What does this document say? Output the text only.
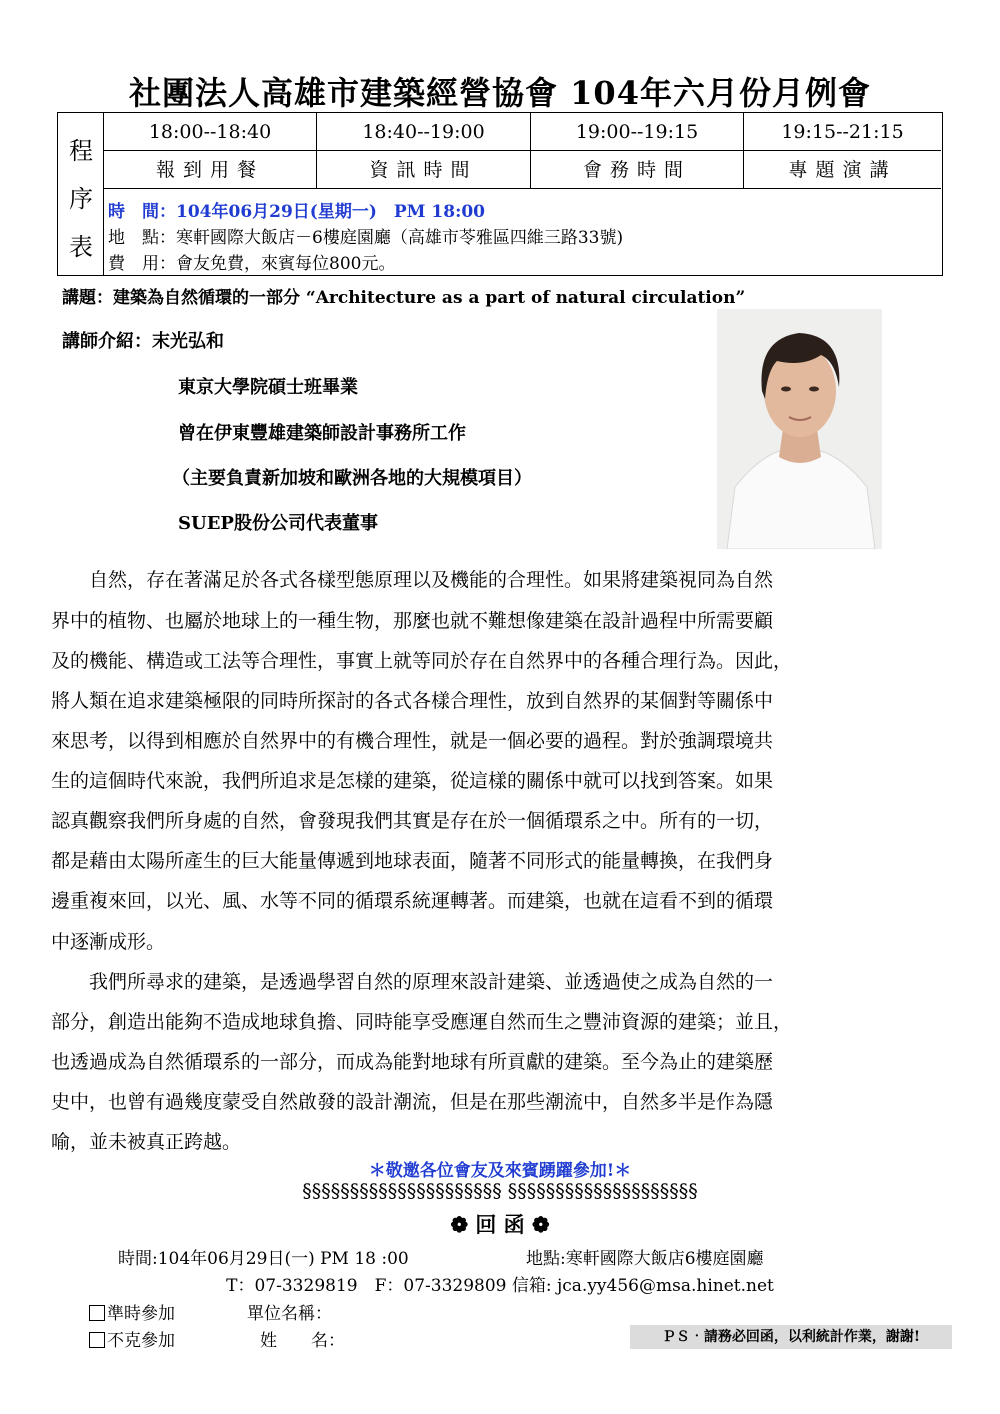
社團法人高雄市建築經營協會 104年六月份月例會
程
序
表
18:00--18:40	18:40--19:00	19:00--19:15	19:15--21:15
報到用餐	資訊時間	會務時間	專題演講
時　間：104年06月29日(星期一)　PM 18:00
地　點：寒軒國際大飯店－6樓庭園廳（高雄市苓雅區四維三路33號)
費　用：會友免費，來賓每位800元。
講題：建築為自然循環的一部分 “Architecture as a part of natural circulation”
講師介紹：末光弘和
東京大學院碩士班畢業
曾在伊東豐雄建築師設計事務所工作
（主要負責新加坡和歐洲各地的大規模項目）
SUEP股份公司代表董事
　　自然，存在著滿足於各式各樣型態原理以及機能的合理性。如果將建築視同為自然
界中的植物、也屬於地球上的一種生物，那麼也就不難想像建築在設計過程中所需要顧
及的機能、構造或工法等合理性，事實上就等同於存在自然界中的各種合理行為。因此，
將人類在追求建築極限的同時所探討的各式各樣合理性，放到自然界的某個對等關係中
來思考，以得到相應於自然界中的有機合理性，就是一個必要的過程。對於強調環境共
生的這個時代來說，我們所追求是怎樣的建築，從這樣的關係中就可以找到答案。如果
認真觀察我們所身處的自然，會發現我們其實是存在於一個循環系之中。所有的一切，
都是藉由太陽所產生的巨大能量傳遞到地球表面，隨著不同形式的能量轉換，在我們身
邊重複來回，以光、風、水等不同的循環系統運轉著。而建築，也就在這看不到的循環
中逐漸成形。
　　我們所尋求的建築，是透過學習自然的原理來設計建築、並透過使之成為自然的一
部分，創造出能夠不造成地球負擔、同時能享受應運自然而生之豐沛資源的建築；並且，
也透過成為自然循環系的一部分，而成為能對地球有所貢獻的建築。至今為止的建築歷
史中，也曾有過幾度蒙受自然啟發的設計潮流，但是在那些潮流中，自然多半是作為隱
喻，並未被真正跨越。
＊敬邀各位會友及來賓踴躍參加!＊
§§§§§§§§§§§§§§§§§§§§§ §§§§§§§§§§§§§§§§§§§§
❁ 回 函 ❁
時間:104年06月29日(一) PM 18 :00	地點:寒軒國際大飯店6樓庭園廳
T：07-3329819　F：07-3329809 信箱: jca.yy456@msa.hinet.net
準時參加	單位名稱：
不克參加	姓　　名：	ＰＳ‧請務必回函，以利統計作業，謝謝!
